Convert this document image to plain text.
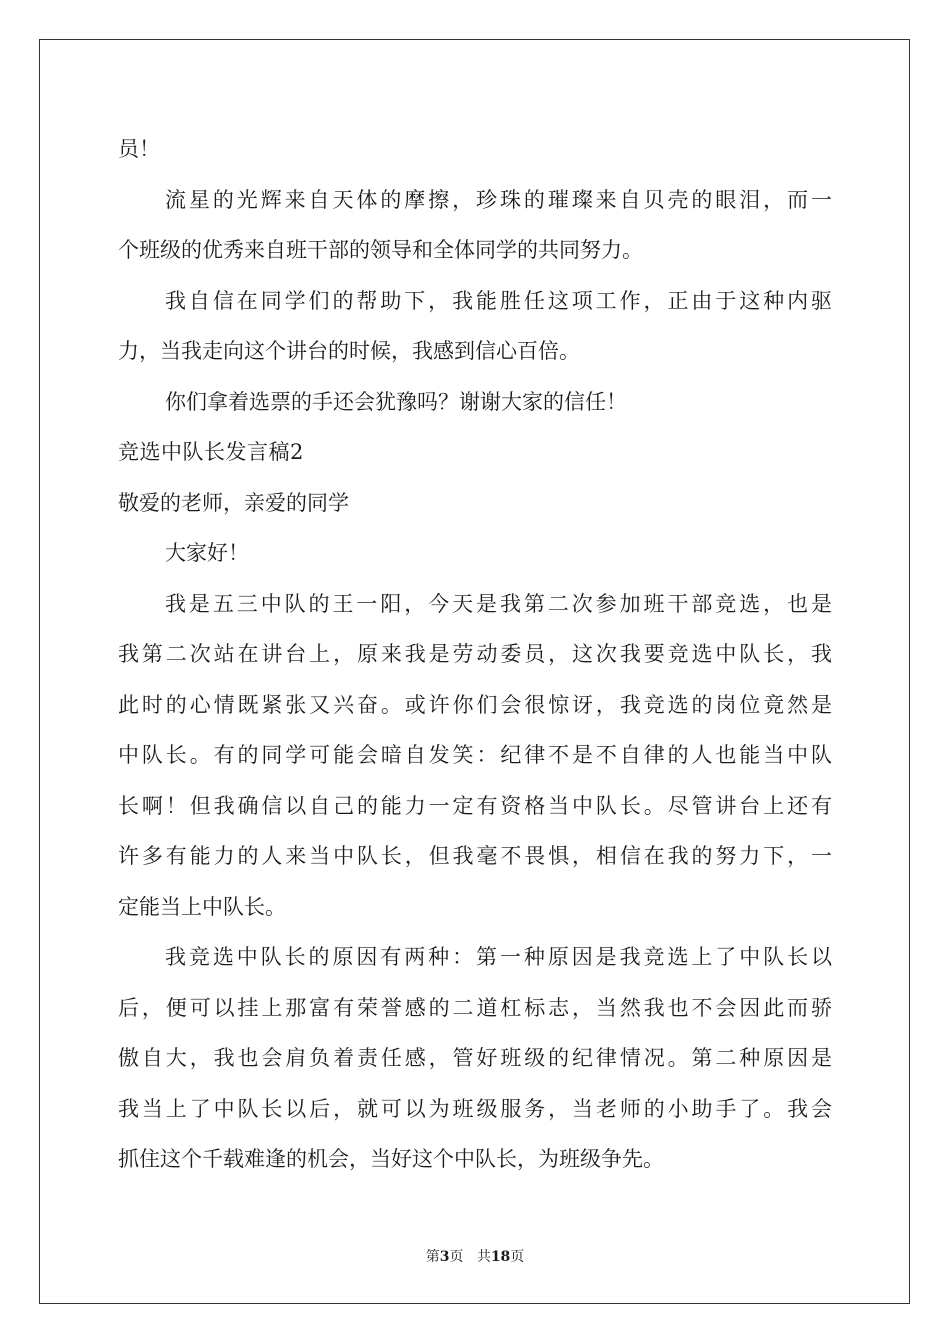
员！
流星的光辉来自天体的摩擦，珍珠的璀璨来自贝壳的眼泪，而一
个班级的优秀来自班干部的领导和全体同学的共同努力。
我自信在同学们的帮助下，我能胜任这项工作，正由于这种内驱
力，当我走向这个讲台的时候，我感到信心百倍。
你们拿着选票的手还会犹豫吗？谢谢大家的信任！
竞选中队长发言稿2
敬爱的老师，亲爱的同学
大家好！
我是五三中队的王一阳，今天是我第二次参加班干部竞选，也是
我第二次站在讲台上，原来我是劳动委员，这次我要竞选中队长，我
此时的心情既紧张又兴奋。或许你们会很惊讶，我竞选的岗位竟然是
中队长。有的同学可能会暗自发笑：纪律不是不自律的人也能当中队
长啊！但我确信以自己的能力一定有资格当中队长。尽管讲台上还有
许多有能力的人来当中队长，但我毫不畏惧，相信在我的努力下，一
定能当上中队长。
我竞选中队长的原因有两种：第一种原因是我竞选上了中队长以
后，便可以挂上那富有荣誉感的二道杠标志，当然我也不会因此而骄
傲自大，我也会肩负着责任感，管好班级的纪律情况。第二种原因是
我当上了中队长以后，就可以为班级服务，当老师的小助手了。我会
抓住这个千载难逢的机会，当好这个中队长，为班级争先。
第3页 共18页
